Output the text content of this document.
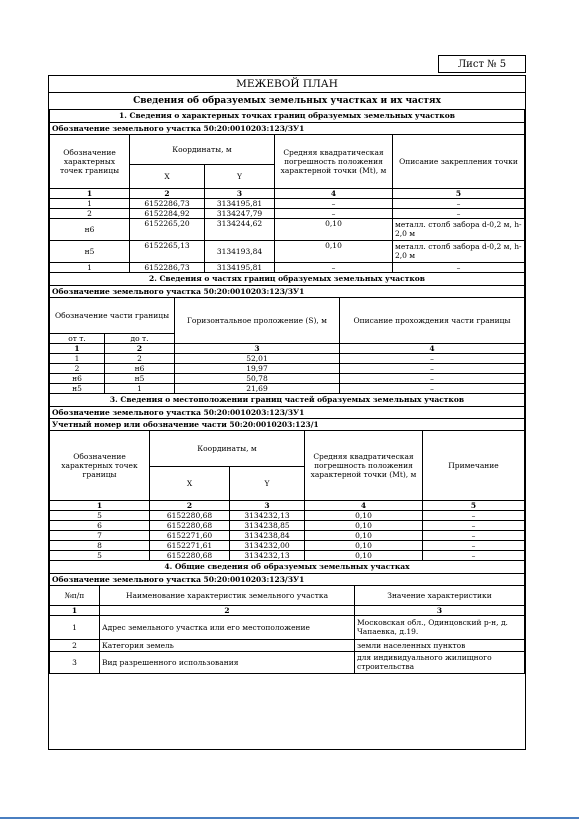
Лист № 5
МЕЖЕВОЙ ПЛАН
Сведения об образуемых земельных участках и их частях
1. Сведения о характерных точках границ образуемых земельных участков				
Обозначение земельного участка 50:20:0010203:123/ЗУ1				
Обозначение характерных точек границы	Координаты, м		Средняя квадратическая погрешность положения характерной точки (Mt), м	Описание закрепления точки
	X	Y		
1	2	3	4	5
1	6152286,73	3134195,81	–	–
2	6152284,92	3134247,79	–	–
н6	6152265,20	3134244,62	0,10	металл. столб забора d-0,2 м, h-2,0 м
н5	6152265,13	3134193,84	0,10	металл. столб забора d-0,2 м, h-2,0 м
1	6152286,73	3134195,81	–	–
2. Сведения о частях границ образуемых земельных участков			
Обозначение земельного участка 50:20:0010203:123/ЗУ1			
Обозначение части границы		Горизонтальное проложение (S), м	Описание прохождения части границы
от т.	до т.		
1	2	3	4
1	2	52,01	–
2	н6	19,97	–
н6	н5	50,78	–
н5	1	21,69	–
3. Сведения о местоположении границ частей образуемых земельных участков				
Обозначение земельного участка 50:20:0010203:123/ЗУ1				
Учетный номер или обозначение части 50:20:0010203:123/1				
Обозначение характерных точек границы	Координаты, м		Средняя квадратическая погрешность положения характерной точки (Mt), м	Примечание
	X	Y		
1	2	3	4	5
5	6152280,68	3134232,13	0,10	–
6	6152280,68	3134238,85	0,10	–
7	6152271,60	3134238,84	0,10	–
8	6152271,61	3134232,00	0,10	–
5	6152280,68	3134232,13	0,10	–
4. Общие сведения об образуемых земельных участках		
Обозначение земельного участка 50:20:0010203:123/ЗУ1		
№п/п	Наименование характеристик земельного участка	Значение характеристики
1	2	3
1	Адрес земельного участка или его местоположение	Московская обл., Одинцовский р-н, д. Чапаевка, д.19.
2	Категория земель	земли населенных пунктов
3	Вид разрешенного использования	для индивидуального жилищного строительства
